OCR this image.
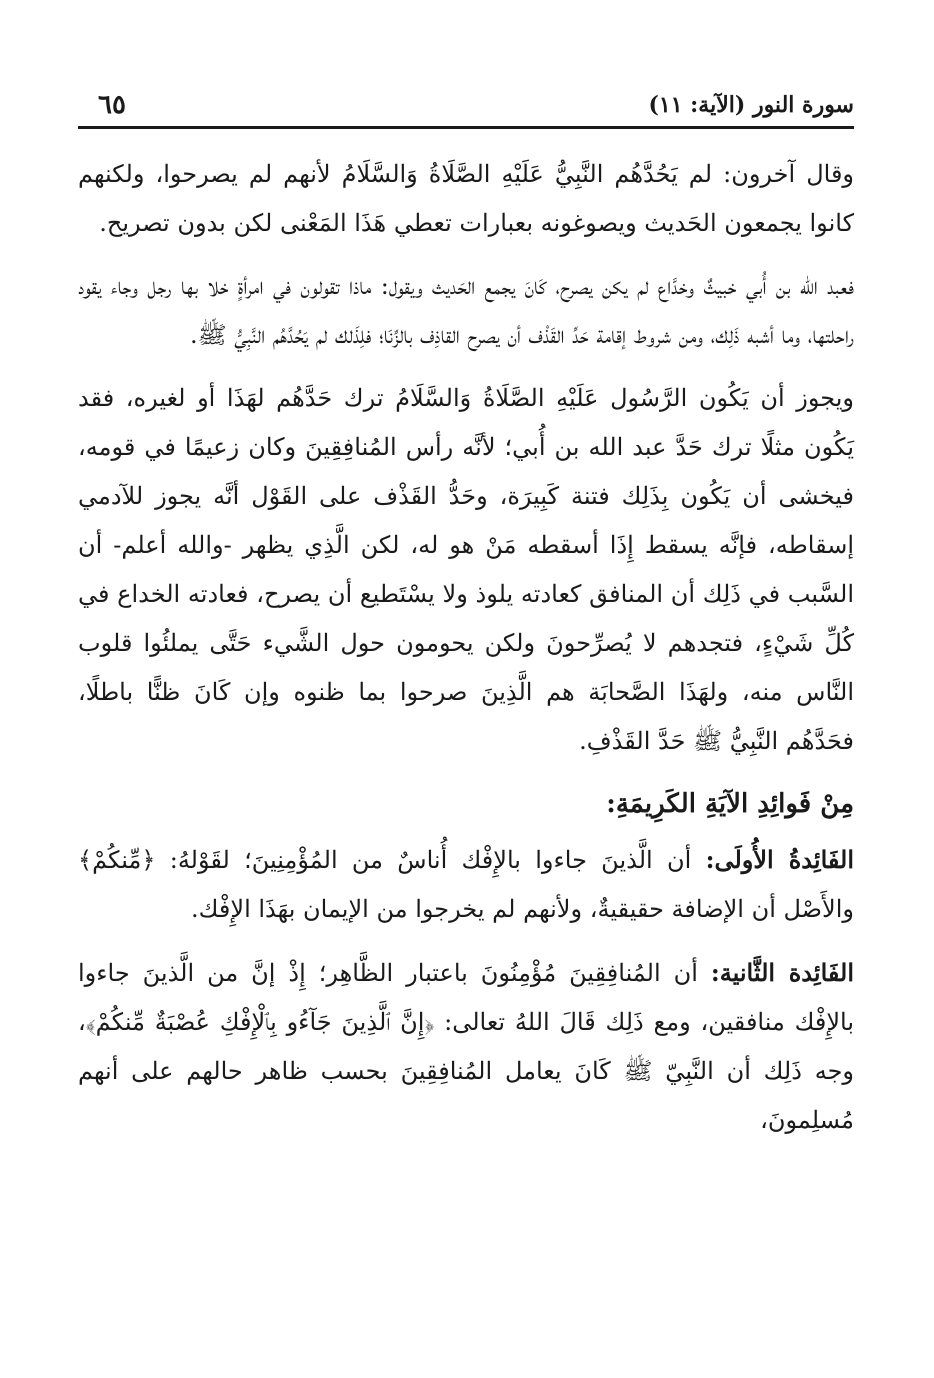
٦٥	سورة النور (الآية: ١١)

وقال آخرون: لم يَحُدَّهُم النَّبِيُّ عَلَيْهِ الصَّلَاةُ وَالسَّلَامُ لأنهم لم يصرحوا، ولكنهم كانوا يجمعون الحَديث ويصوغونه بعبارات تعطي هَذَا المَعْنى لكن بدون تصريح.

فعبد الله بن أُبي خبيثٌ وخدَّاع لم يكن يصرح، كَانَ يجمع الحَديث ويقول: ماذا تقولون في امرأةٍ خلا بها رجل وجاء يقود راحلتها، وما أشبه ذَلِك، ومن شروط إقامة حَدِّ القَذْف أن يصرح القاذِف بالزِّنَا؛ فلِذَلك لم يَحُدَّهُم النَّبِيُّ ﷺ.

ويجوز أن يَكُون الرَّسُول عَلَيْهِ الصَّلَاةُ وَالسَّلَامُ ترك حَدَّهُم لهَذَا أو لغيره، فقد يَكُون مثلًا ترك حَدَّ عبد الله بن أُبي؛ لأنَّه رأس المُنافِقِينَ وكان زعيمًا في قومه، فيخشى أن يَكُون بِذَلِك فتنة كَبِيرَة، وحَدُّ القَذْف على القَوْل أنَّه يجوز للآدمي إسقاطه، فإنَّه يسقط إِذَا أسقطه مَنْ هو له، لكن الَّذِي يظهر -والله أعلم- أن السَّبب في ذَلِك أن المنافق كعادته يلوذ ولا يسْتَطيع أن يصرح، فعادته الخداع في كُلِّ شَيْءٍ، فتجدهم لا يُصرِّحونَ ولكن يحومون حول الشَّيء حَتَّى يملئُوا قلوب النَّاس منه، ولهَذَا الصَّحابَة هم الَّذِينَ صرحوا بما ظنوه وإن كَانَ ظنًّا باطلًا، فحَدَّهُم النَّبِيُّ ﷺ حَدَّ القَذْفِ.

مِنْ فَوائِدِ الآيَةِ الكَرِيمَةِ:

الفَائِدةُ الأُولَى: أن الَّذينَ جاءوا بالإِفْك أُناسٌ من المُؤْمِنِينَ؛ لقَوْلهُ: ﴿مِّنكُمْ﴾ والأَصْل أن الإضافة حقيقيةٌ، ولأنهم لم يخرجوا من الإيمان بهَذَا الإِفْك.

الفَائِدة الثَّانية: أن المُنافِقِينَ مُؤْمِنُونَ باعتبار الظَّاهِر؛ إِذْ إنَّ من الَّذينَ جاءوا بالإِفْك منافقين، ومع ذَلِك قَالَ اللهُ تعالى: ﴿إِنَّ ٱلَّذِينَ جَآءُو بِٱلْإِفْكِ عُصْبَةٌ مِّنكُمْ﴾، وجه ذَلِك أن النَّبِيّ ﷺ كَانَ يعامل المُنافِقِينَ بحسب ظاهر حالهم على أنهم مُسلِمونَ،
